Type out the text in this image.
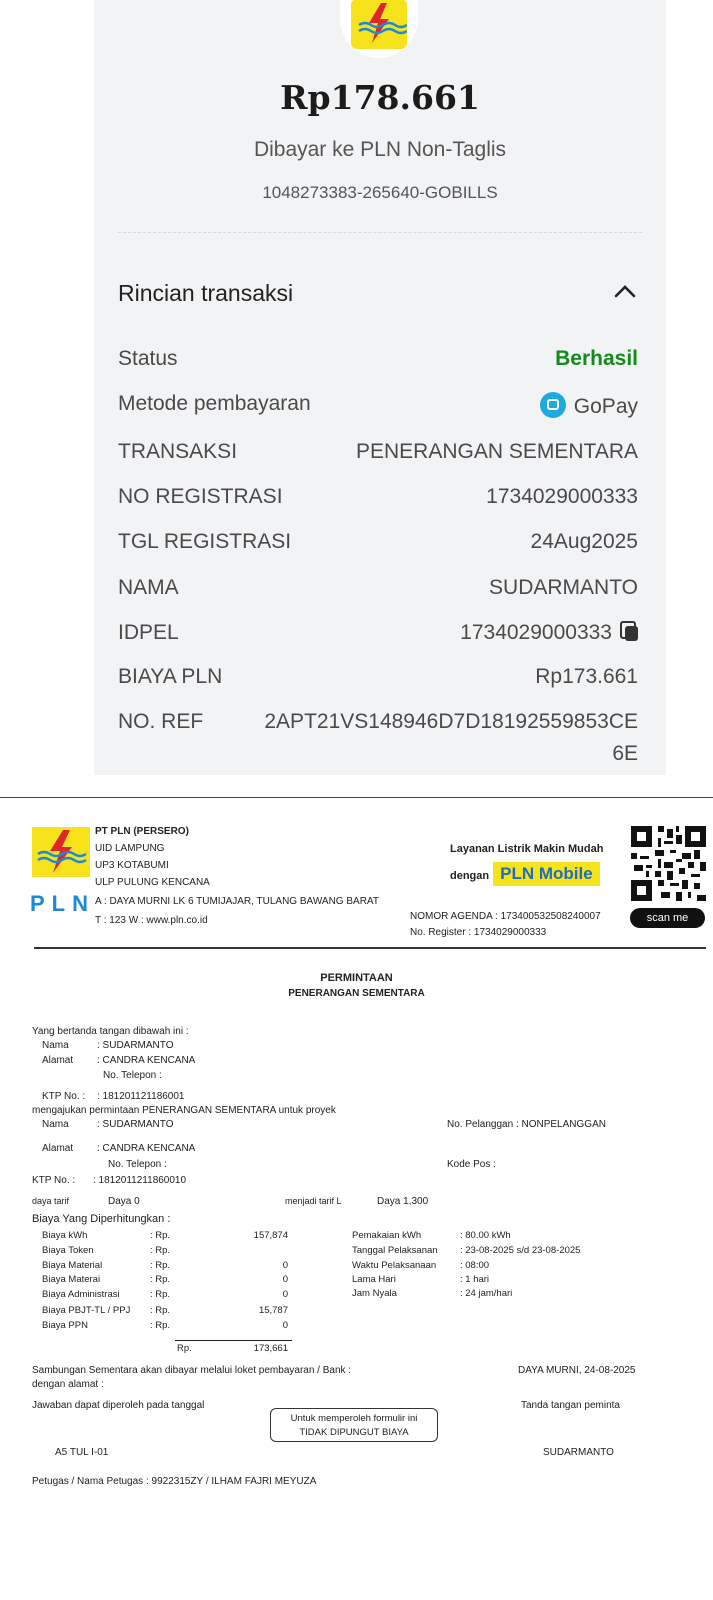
Rp178.661
Dibayar ke PLN Non-Taglis
1048273383-265640-GOBILLS
Rincian transaksi
Status	Berhasil
Metode pembayaran	GoPay
TRANSAKSI	PENERANGAN SEMENTARA
NO REGISTRASI	1734029000333
TGL REGISTRASI	24Aug2025
NAMA	SUDARMANTO
IDPEL	1734029000333
BIAYA PLN	Rp173.661
NO. REF	2APT21VS148946D7D18192559853CE
6E
PLN
PT PLN (PERSERO)
UID LAMPUNG
UP3 KOTABUMI
ULP PULUNG KENCANA
A : DAYA MURNI LK 6 TUMIJAJAR, TULANG BAWANG BARAT
T : 123 W : www.pln.co.id
Layanan Listrik Makin Mudah
dengan PLN Mobile
scan me
NOMOR AGENDA : 173400532508240007
No. Register : 1734029000333
PERMINTAAN
PENERANGAN SEMENTARA
Yang bertanda tangan dibawah ini :
Nama	: SUDARMANTO
Alamat : CANDRA KENCANA
No. Telepon :
KTP No. : : 181201121186001
mengajukan permintaan PENERANGAN SEMENTARA untuk proyek
Nama	: SUDARMANTO	No. Pelanggan : NONPELANGGAN
Alamat : CANDRA KENCANA
No. Telepon :	Kode Pos :
KTP No. : : 1812011211860010
daya tarif	Daya 0	menjadi tarif L	Daya 1,300
Biaya Yang Diperhitungkan :
Biaya kWh	: Rp.	157,874
Biaya Token	: Rp.
Biaya Material	: Rp.	0
Biaya Materai	: Rp.	0
Biaya Administrasi	: Rp.	0
Biaya PBJT-TL / PPJ : Rp.	15,787
Biaya PPN	: Rp.	0
Rp.	173,661
Pemakaian kWh	: 80.00 kWh
Tanggal Pelaksanan : 23-08-2025 s/d 23-08-2025
Waktu Pelaksanaan	: 08:00
Lama Hari	: 1 hari
Jam Nyala	: 24 jam/hari
Sambungan Sementara akan dibayar melalui loket pembayaran / Bank :
dengan alamat :
DAYA MURNI, 24-08-2025
Jawaban dapat diperoleh pada tanggal	Tanda tangan peminta
Untuk memperoleh formulir ini
TIDAK DIPUNGUT BIAYA
A5 TUL I-01	SUDARMANTO
Petugas / Nama Petugas : 9922315ZY / ILHAM FAJRI MEYUZA
